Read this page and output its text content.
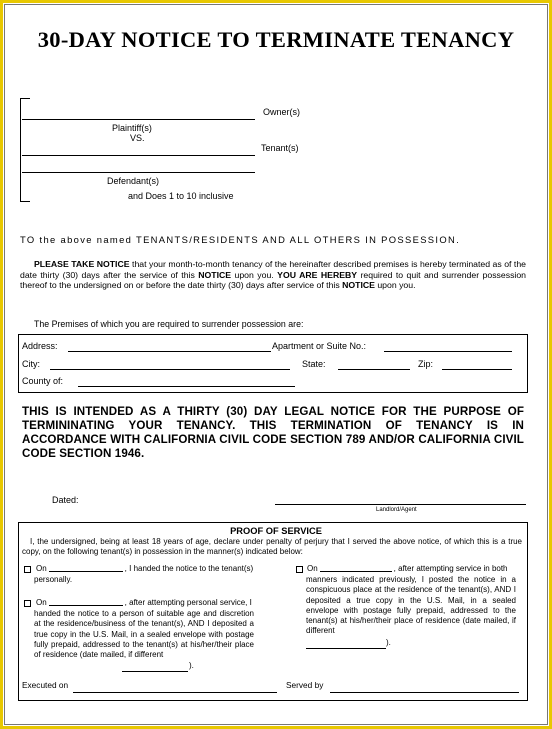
30-DAY NOTICE TO TERMINATE TENANCY
Owner(s)
Plaintiff(s)
VS.
Tenant(s)
Defendant(s)
and Does 1 to 10 inclusive
TO the above named TENANTS/RESIDENTS AND ALL OTHERS IN POSSESSION.
PLEASE TAKE NOTICE that your month-to-month tenancy of the hereinafter described premises is hereby terminated as of the date thirty (30) days after the service of this NOTICE upon you. YOU ARE HEREBY required to quit and surrender possession thereof to the undersigned on or before the date thirty (30) days after service of this NOTICE upon you.
The Premises of which you are required to surrender possession are:
Address:	Apartment or Suite No.:
City:	State:	Zip:
County of:
THIS IS INTENDED AS A THIRTY (30) DAY LEGAL NOTICE FOR THE PURPOSE OF TERMININATING YOUR TENANCY. THIS TERMINATION OF TENANCY IS IN ACCORDANCE WITH CALIFORNIA CIVIL CODE SECTION 789 AND/OR CALIFORNIA CIVIL CODE SECTION 1946.
Dated:
Landlord/Agent
PROOF OF SERVICE
I, the undersigned, being at least 18 years of age, declare under penalty of perjury that I served the above notice, of which this is a true copy, on the following tenant(s) in possession in the manner(s) indicated below:
On	, I handed the notice to the tenant(s)
personally.
On	, after attempting personal service, I
handed the notice to a person of suitable age and discretion at the residence/business of the tenant(s), AND I deposited a true copy in the U.S. Mail, in a sealed envelope with postage fully prepaid, addressed to the tenant(s) at his/her/their place of residence (date mailed, if different
).
On	, after attempting service in both
manners indicated previously, I posted the notice in a conspicuous place at the residence of the tenant(s), AND I deposited a true copy in the U.S. Mail, in a sealed envelope with postage fully prepaid, addressed to the tenant(s) at his/her/their place of residence (date mailed, if different
).
Executed on	Served by
